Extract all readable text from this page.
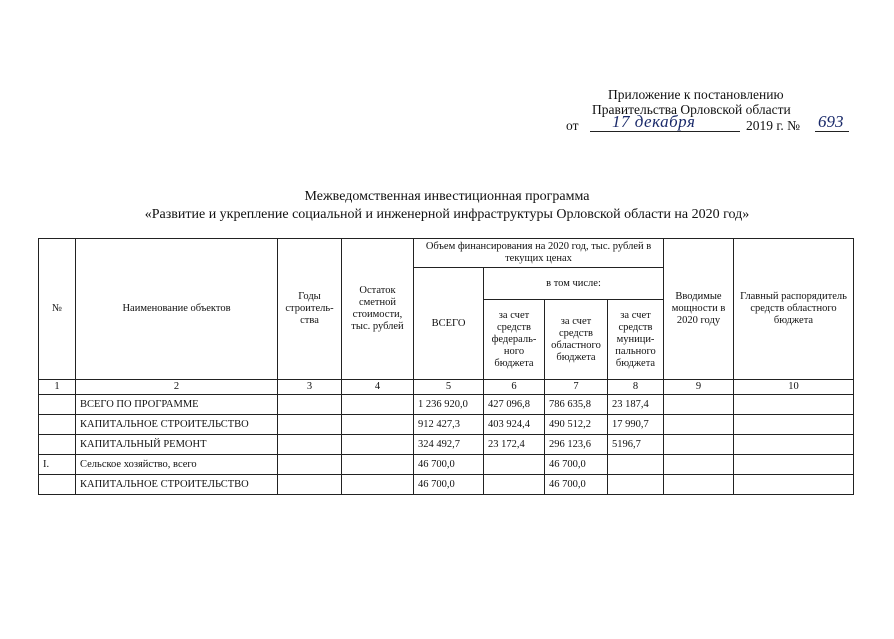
Приложение к постановлению
Правительства Орловской области
от 17 декабря	2019 г. № 693
Межведомственная инвестиционная программа
«Развитие и укрепление социальной и инженерной инфраструктуры Орловской области на 2020 год»
№	Наименование объектов	Годы строитель-ства	Остаток сметной стоимости, тыс. рублей	Объем финансирования на 2020 год, тыс. рублей в текущих ценах				Вводимые мощности в 2020 году	Главный распорядитель средств областного бюджета
				ВСЕГО	в том числе:				
					за счет средств федераль-ного бюджета	за счет средств областного бюджета	за счет средств муници-пального бюджета		
1	2	3	4	5	6	7	8	9	10
	ВСЕГО ПО ПРОГРАММЕ			1 236 920,0	427 096,8	786 635,8	23 187,4		
	КАПИТАЛЬНОЕ СТРОИТЕЛЬСТВО			912 427,3	403 924,4	490 512,2	17 990,7		
	КАПИТАЛЬНЫЙ РЕМОНТ			324 492,7	23 172,4	296 123,6	5196,7		
I.	Сельское хозяйство, всего			46 700,0		46 700,0			
	КАПИТАЛЬНОЕ СТРОИТЕЛЬСТВО			46 700,0		46 700,0			
